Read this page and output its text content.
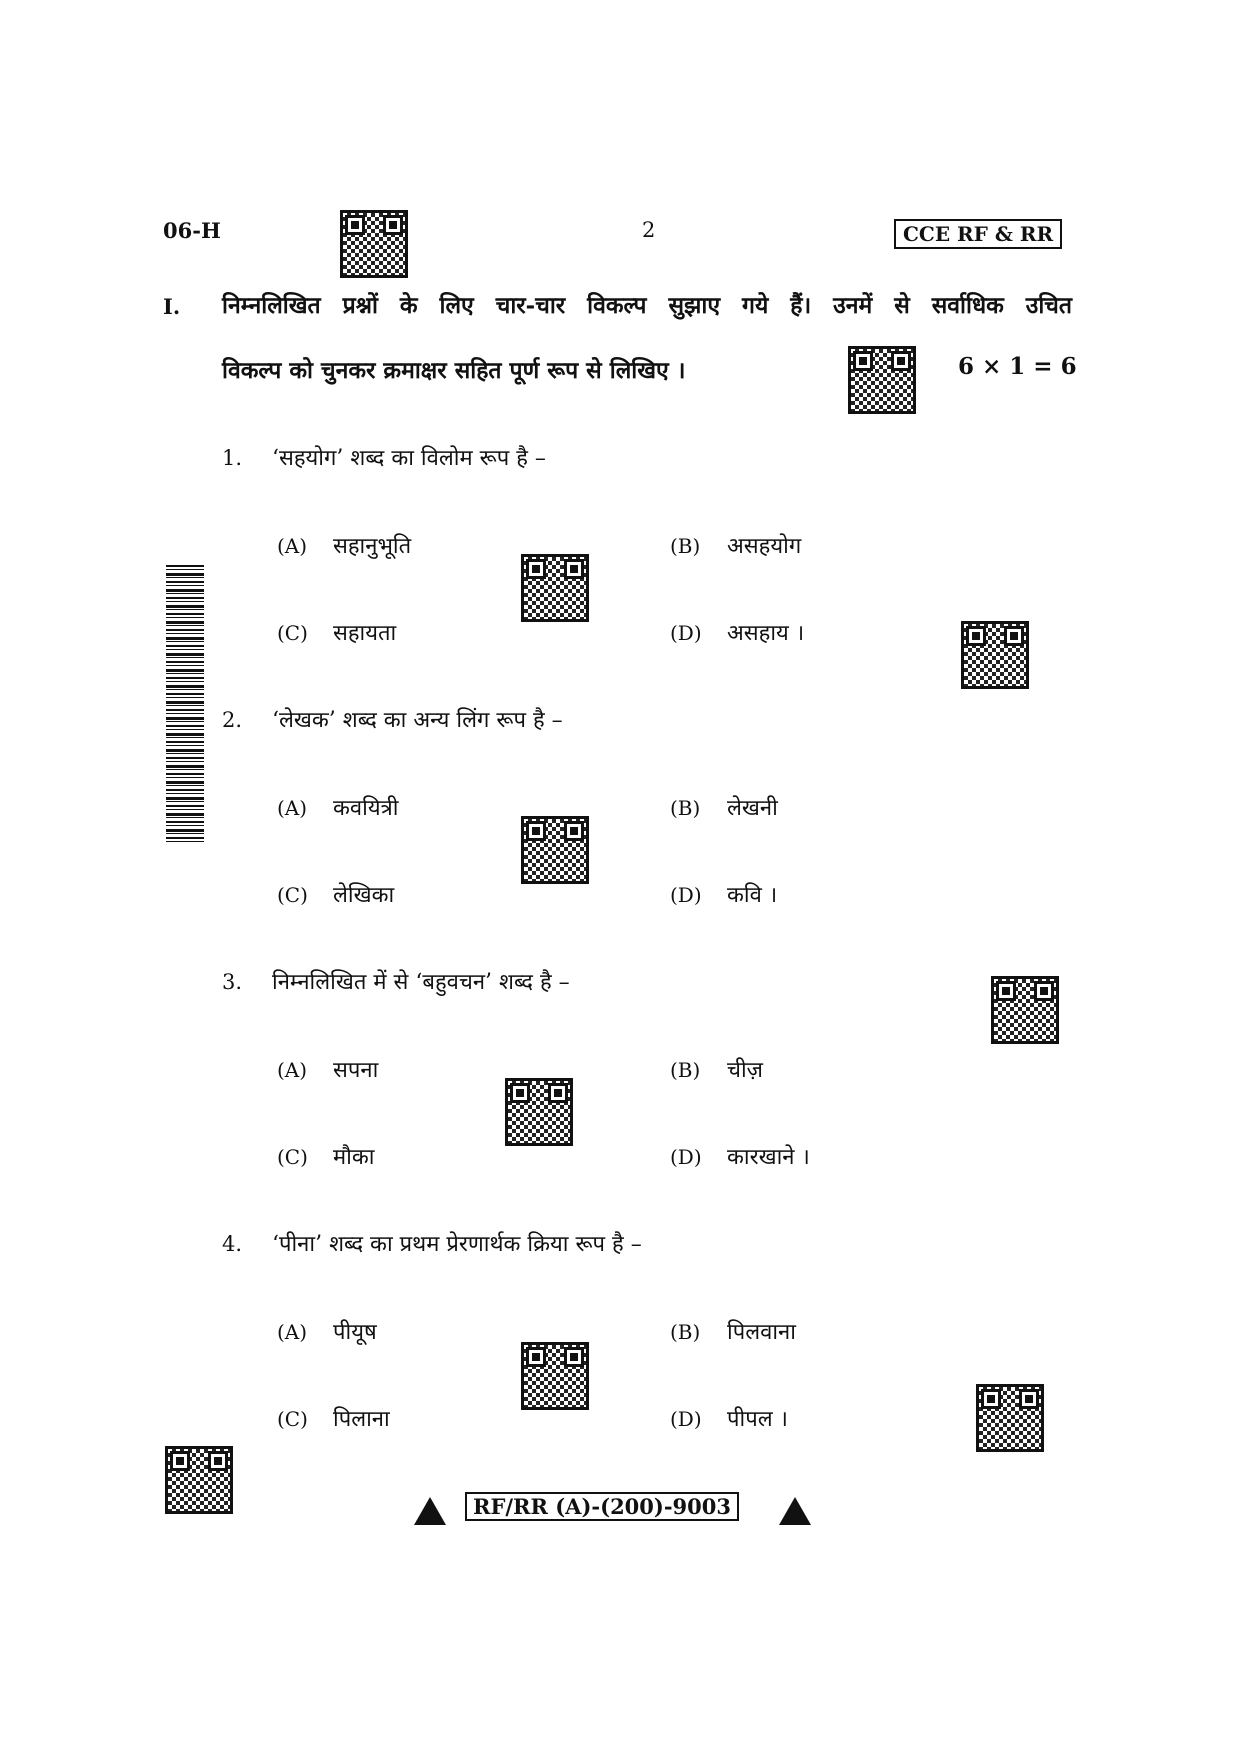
06-H	2	CCE RF & RR
I. निम्नलिखित प्रश्नों के लिए चार-चार विकल्प सुझाए गये हैं। उनमें से सर्वाधिक उचित
विकल्प को चुनकर क्रमाक्षर सहित पूर्ण रूप से लिखिए ।	6 × 1 = 6
1. ‘सहयोग’ शब्द का विलोम रूप है –
(A) सहानुभूति	(B) असहयोग
(C) सहायता	(D) असहाय ।
2. ‘लेखक’ शब्द का अन्य लिंग रूप है –
(A) कवयित्री	(B) लेखनी
(C) लेखिका	(D) कवि ।
3. निम्नलिखित में से ‘बहुवचन’ शब्द है –
(A) सपना	(B) चीज़
(C) मौका	(D) कारखाने ।
4. ‘पीना’ शब्द का प्रथम प्रेरणार्थक क्रिया रूप है –
(A) पीयूष	(B) पिलवाना
(C) पिलाना	(D) पीपल ।
RF/RR (A)-(200)-9003
